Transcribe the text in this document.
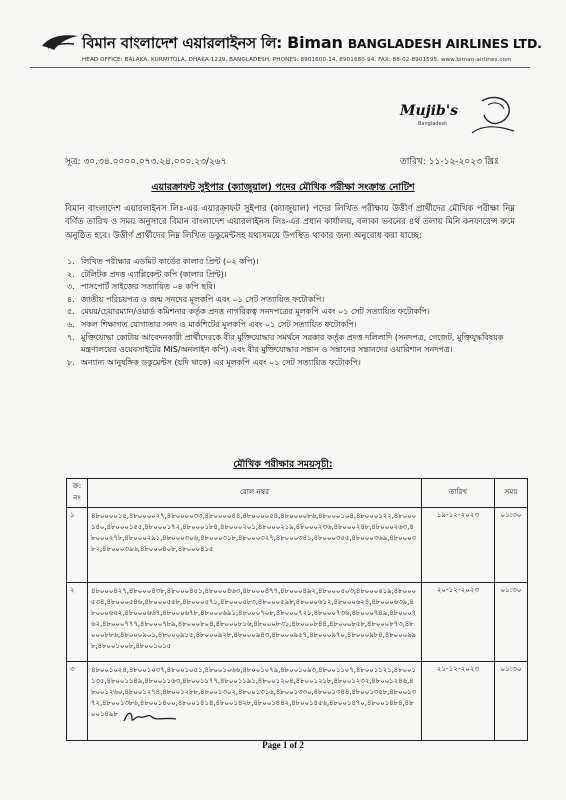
বিমান বাংলাদেশ এয়ারলাইনস লি: Biman BANGLADESH AIRLINES LTD.
HEAD OFFICE: BALAKA, KURMITOLA, DHAKA-1229, BANGLADESH, PHONES: 8901600-14, 8901680-94, FAX: 88-02-8901595, www.biman-airlines.com
Mujib's
Bangladesh
সূত্র: ৩০.৩৪.০০০০.০৭৩.২৪.০০০.২৩/২৬৭	তারিখ: ১১-১২-২০২৩ খ্রিঃ
এয়ারক্রাফট সুইপার (ক্যাজুয়াল) পদের মৌখিক পরীক্ষা সংক্রান্ত নোটিশ
বিমান বাংলাদেশ এয়ারলাইনস লিঃ-এর এয়ারক্রাফট সুইপার (ক্যাজুয়াল) পদের লিখিত পরীক্ষায় উত্তীর্ণ প্রার্থীদের মৌখিক পরীক্ষা নিম্ন বর্ণিত তারিখ ও সময় অনুসারে বিমান বাংলাদেশ এয়ারলাইনস লিঃ-এর প্রধান কার্যালয়, বলাকা ভবনের ৪র্থ তলায় মিনি কনফারেন্স রুমে অনুষ্ঠিত হবে। উত্তীর্ণ প্রার্থীদের নিম্ন লিখিত ডকুমেন্টসহ যথাসময়ে উপস্থিত থাকার জন্য অনুরোধ করা যাচ্ছে:
১. লিখিত পরীক্ষার এডমিট কার্ডের কালার প্রিন্ট (০২ কপি)।
২. টেলিটক প্রদত্ত এ্যাপ্লিকেন্ট কপি (কালার প্রিন্ট)।
৩. পাসপোর্ট সাইজের সত্যায়িত ০৪ কপি ছবি।
৪. জাতীয় পরিচয়পত্র ও জন্ম সনদের মূলকপি এবং ০১ সেট সত্যায়িত ফটোকপি।
৫. মেয়র/চেয়ারম্যান/ওয়ার্ড কমিশনার কর্তৃক প্রদত্ত নাগরিকত্ব সনদপত্রের মূলকপি এবং ০১ সেট সত্যায়িত ফটোকপি।
৬. সকল শিক্ষাগত যোগ্যতার সনদ ও মার্কশিটের মূলকপি এবং ০১ সেট সত্যায়িত ফটোকপি।
৭. মুক্তিযোদ্ধা কোটায় আবেদনকারী প্রার্থীদেরকে বীর মুক্তিযোদ্ধার সমর্থনে সরকার কর্তৃক প্রদত্ত দলিলাদি (সনদপত্র, গেজেট, মুক্তিযুদ্ধবিষয়ক মন্ত্রণালয়ের ওয়েবসাইটের MIS/অনলাইন কপি) এবং বীর মুক্তিযোদ্ধার সন্তান ও সন্তানের সন্তানদের ওয়ারিশান সনদপত্র।
৮. অন্যান্য আনুষঙ্গিক ডকুমেন্টস (যদি থাকে) এর মূলকপি এবং ০১ সেট সত্যায়িত ফটোকপি।
মৌখিক পরীক্ষার সময়সূচী:
ক্র: নং	রোল নম্বর	তারিখ	সময়
১	৪৮০০০০১৫,৪৮০০০০২৭,৪৮০০০০৩৩,৪৮০০০০৪৪,৪৮০০০০৫৪,৪৮০০০০৮৬,৪৮০০০১০৪,৪৮০০০১২২,৪৮০০০১৪০,৪৮০০০১৫৫,৪৮০০০১৭২,৪৮০০০১৮৪,৪৮০০০২০১,৪৮০০০২১৯,৪৮০০০২৩৬,৪৮০০০২৪৮,৪৮০০০২৬৩,৪৮০০০২৭৮,৪৮০০০২৯১,৪৮০০০৩০৬,৪৮০০০৩১৮,৪৮০০০৩২৭,৪৮০০০৩৪১,৪৮০০০৩৫৫,৪৮০০০৩৬৯,৪৮০০০৩৮২,৪৮০০০৩৯৬,৪৮০০০৪০৮,৪৮০০০৪১৫	১৯-১২-২০২৩	০১:৩০
২	৪৮০০০৪২৭,৪৮০০০৪৩৮,৪৮০০০৪৫১,৪৮০০০৪৬৩,৪৮০০০৪৭৭,৪৮০০০৪৯২,৪৮০০০৫০৩,৪৮০০০৫১৯,৪৮০০০৫৩৪,৪৮০০০৫৪৬,৪৮০০০৫৫৮,৪৮০০০৫৭১,৪৮০০০৫৮৩,৪৮০০০৫৯৮,৪৮০০০৬১২,৪৮০০০৬২৪,৪৮০০০৬৩৯,৪৮০০০৬৫২,৪৮০০০৬৬৭,৪৮০০০৬৭৮,৪৮০০০৬৯১,৪৮০০০৭০৮,৪৮০০০৭২১,৪৮০০০৭৩৬,৪৮০০০৭৪৯,৪৮০০০৭৬২,৪৮০০০৭৭৭,৪৮০০০৭৮৯,৪৮০০০৮০৪,৪৮০০০৮১৬,৪৮০০০৮৩১,৪৮০০০৮৪৪,৪৮০০০৮৫৮,৪৮০০০৮৭৩,৪৮০০০৮৮৬,৪৮০০০৯০১,৪৮০০০৯১৫,৪৮০০০৯২৮,৪৮০০০৯৪৩,৪৮০০০৯৫৭,৪৮০০০৯৭০,৪৮০০০৯৮৪,৪৮০০০৯৯৮,৪৮০০১০০৮,৪৮০০১০১৫	২০-১২-২০২৩	০১:৩০
৩	৪৮০০১০২৪,৪৮০০১০৩৭,৪৮০০১০৫১,৪৮০০১০৬৬,৪৮০০১০৭৯,৪৮০০১০৯৩,৪৮০০১১০৭,৪৮০০১১২১,৪৮০০১১৩৫,৪৮০০১১৪৯,৪৮০০১১৬৩,৪৮০০১১৭৭,৪৮০০১১৯১,৪৮০০১২০৪,৪৮০০১২১৮,৪৮০০১২৩২,৪৮০০১২৪৬,৪৮০০১২৬০,৪৮০০১২৭৪,৪৮০০১২৮৮,৪৮০০১৩০২,৪৮০০১৩১৬,৪৮০০১৩৩০,৪৮০০১৩৪৪,৪৮০০১৩৫৮,৪৮০০১৩৭২,৪৮০০১৩৮৬,৪৮০০১৪০০,৪৮০০১৪১৪,৪৮০০১৪২৮,৪৮০০১৪৪২,৪৮০০১৪৫৬,৪৮০০১৪৭০,৪৮০০১৪৮৪,৪৮০০১৪৯৮	২১-১২-২০২৩	০১:৩০
Page 1 of 2
